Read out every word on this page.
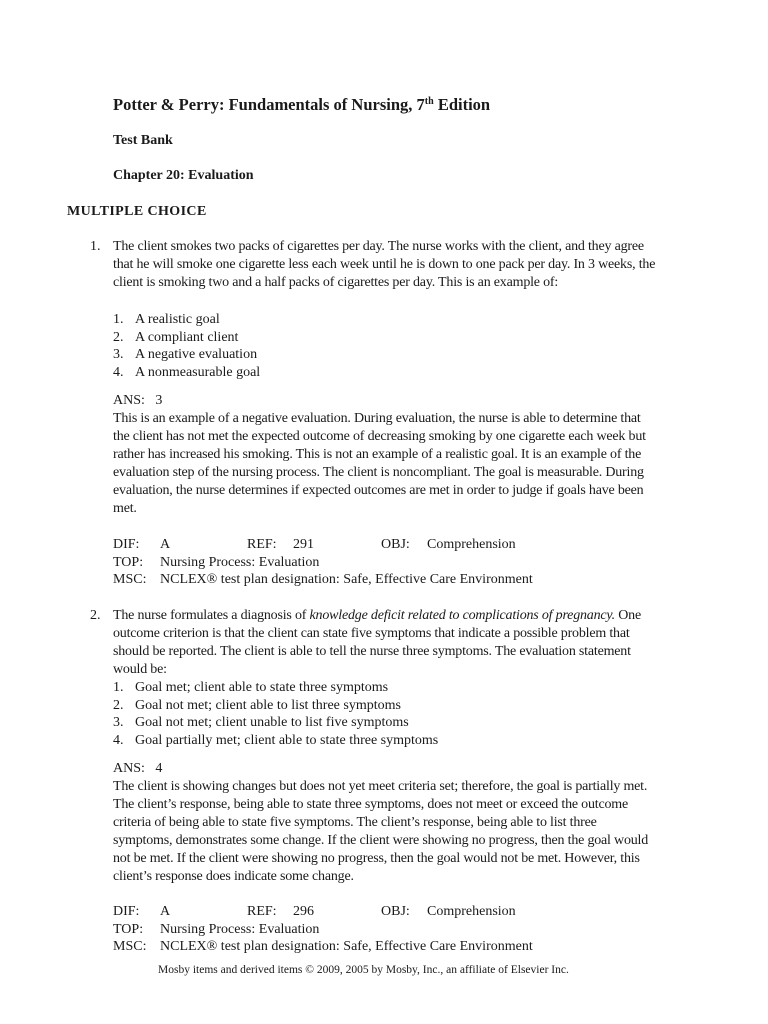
Potter & Perry: Fundamentals of Nursing, 7th Edition
Test Bank
Chapter 20: Evaluation
MULTIPLE CHOICE
1. The client smokes two packs of cigarettes per day. The nurse works with the client, and they agree that he will smoke one cigarette less each week until he is down to one pack per day. In 3 weeks, the client is smoking two and a half packs of cigarettes per day. This is an example of:
1. A realistic goal
2. A compliant client
3. A negative evaluation
4. A nonmeasurable goal
ANS: 3
This is an example of a negative evaluation. During evaluation, the nurse is able to determine that the client has not met the expected outcome of decreasing smoking by one cigarette each week but rather has increased his smoking. This is not an example of a realistic goal. It is an example of the evaluation step of the nursing process. The client is noncompliant. The goal is measurable. During evaluation, the nurse determines if expected outcomes are met in order to judge if goals have been met.
DIF: A	REF: 291	OBJ: Comprehension
TOP: Nursing Process: Evaluation
MSC: NCLEX® test plan designation: Safe, Effective Care Environment
2. The nurse formulates a diagnosis of knowledge deficit related to complications of pregnancy. One outcome criterion is that the client can state five symptoms that indicate a possible problem that should be reported. The client is able to tell the nurse three symptoms. The evaluation statement would be:
1. Goal met; client able to state three symptoms
2. Goal not met; client able to list three symptoms
3. Goal not met; client unable to list five symptoms
4. Goal partially met; client able to state three symptoms
ANS: 4
The client is showing changes but does not yet meet criteria set; therefore, the goal is partially met. The client’s response, being able to state three symptoms, does not meet or exceed the outcome criteria of being able to state five symptoms. The client’s response, being able to list three symptoms, demonstrates some change. If the client were showing no progress, then the goal would not be met. If the client were showing no progress, then the goal would not be met. However, this client’s response does indicate some change.
DIF: A	REF: 296	OBJ: Comprehension
TOP: Nursing Process: Evaluation
MSC: NCLEX® test plan designation: Safe, Effective Care Environment
Mosby items and derived items © 2009, 2005 by Mosby, Inc., an affiliate of Elsevier Inc.
